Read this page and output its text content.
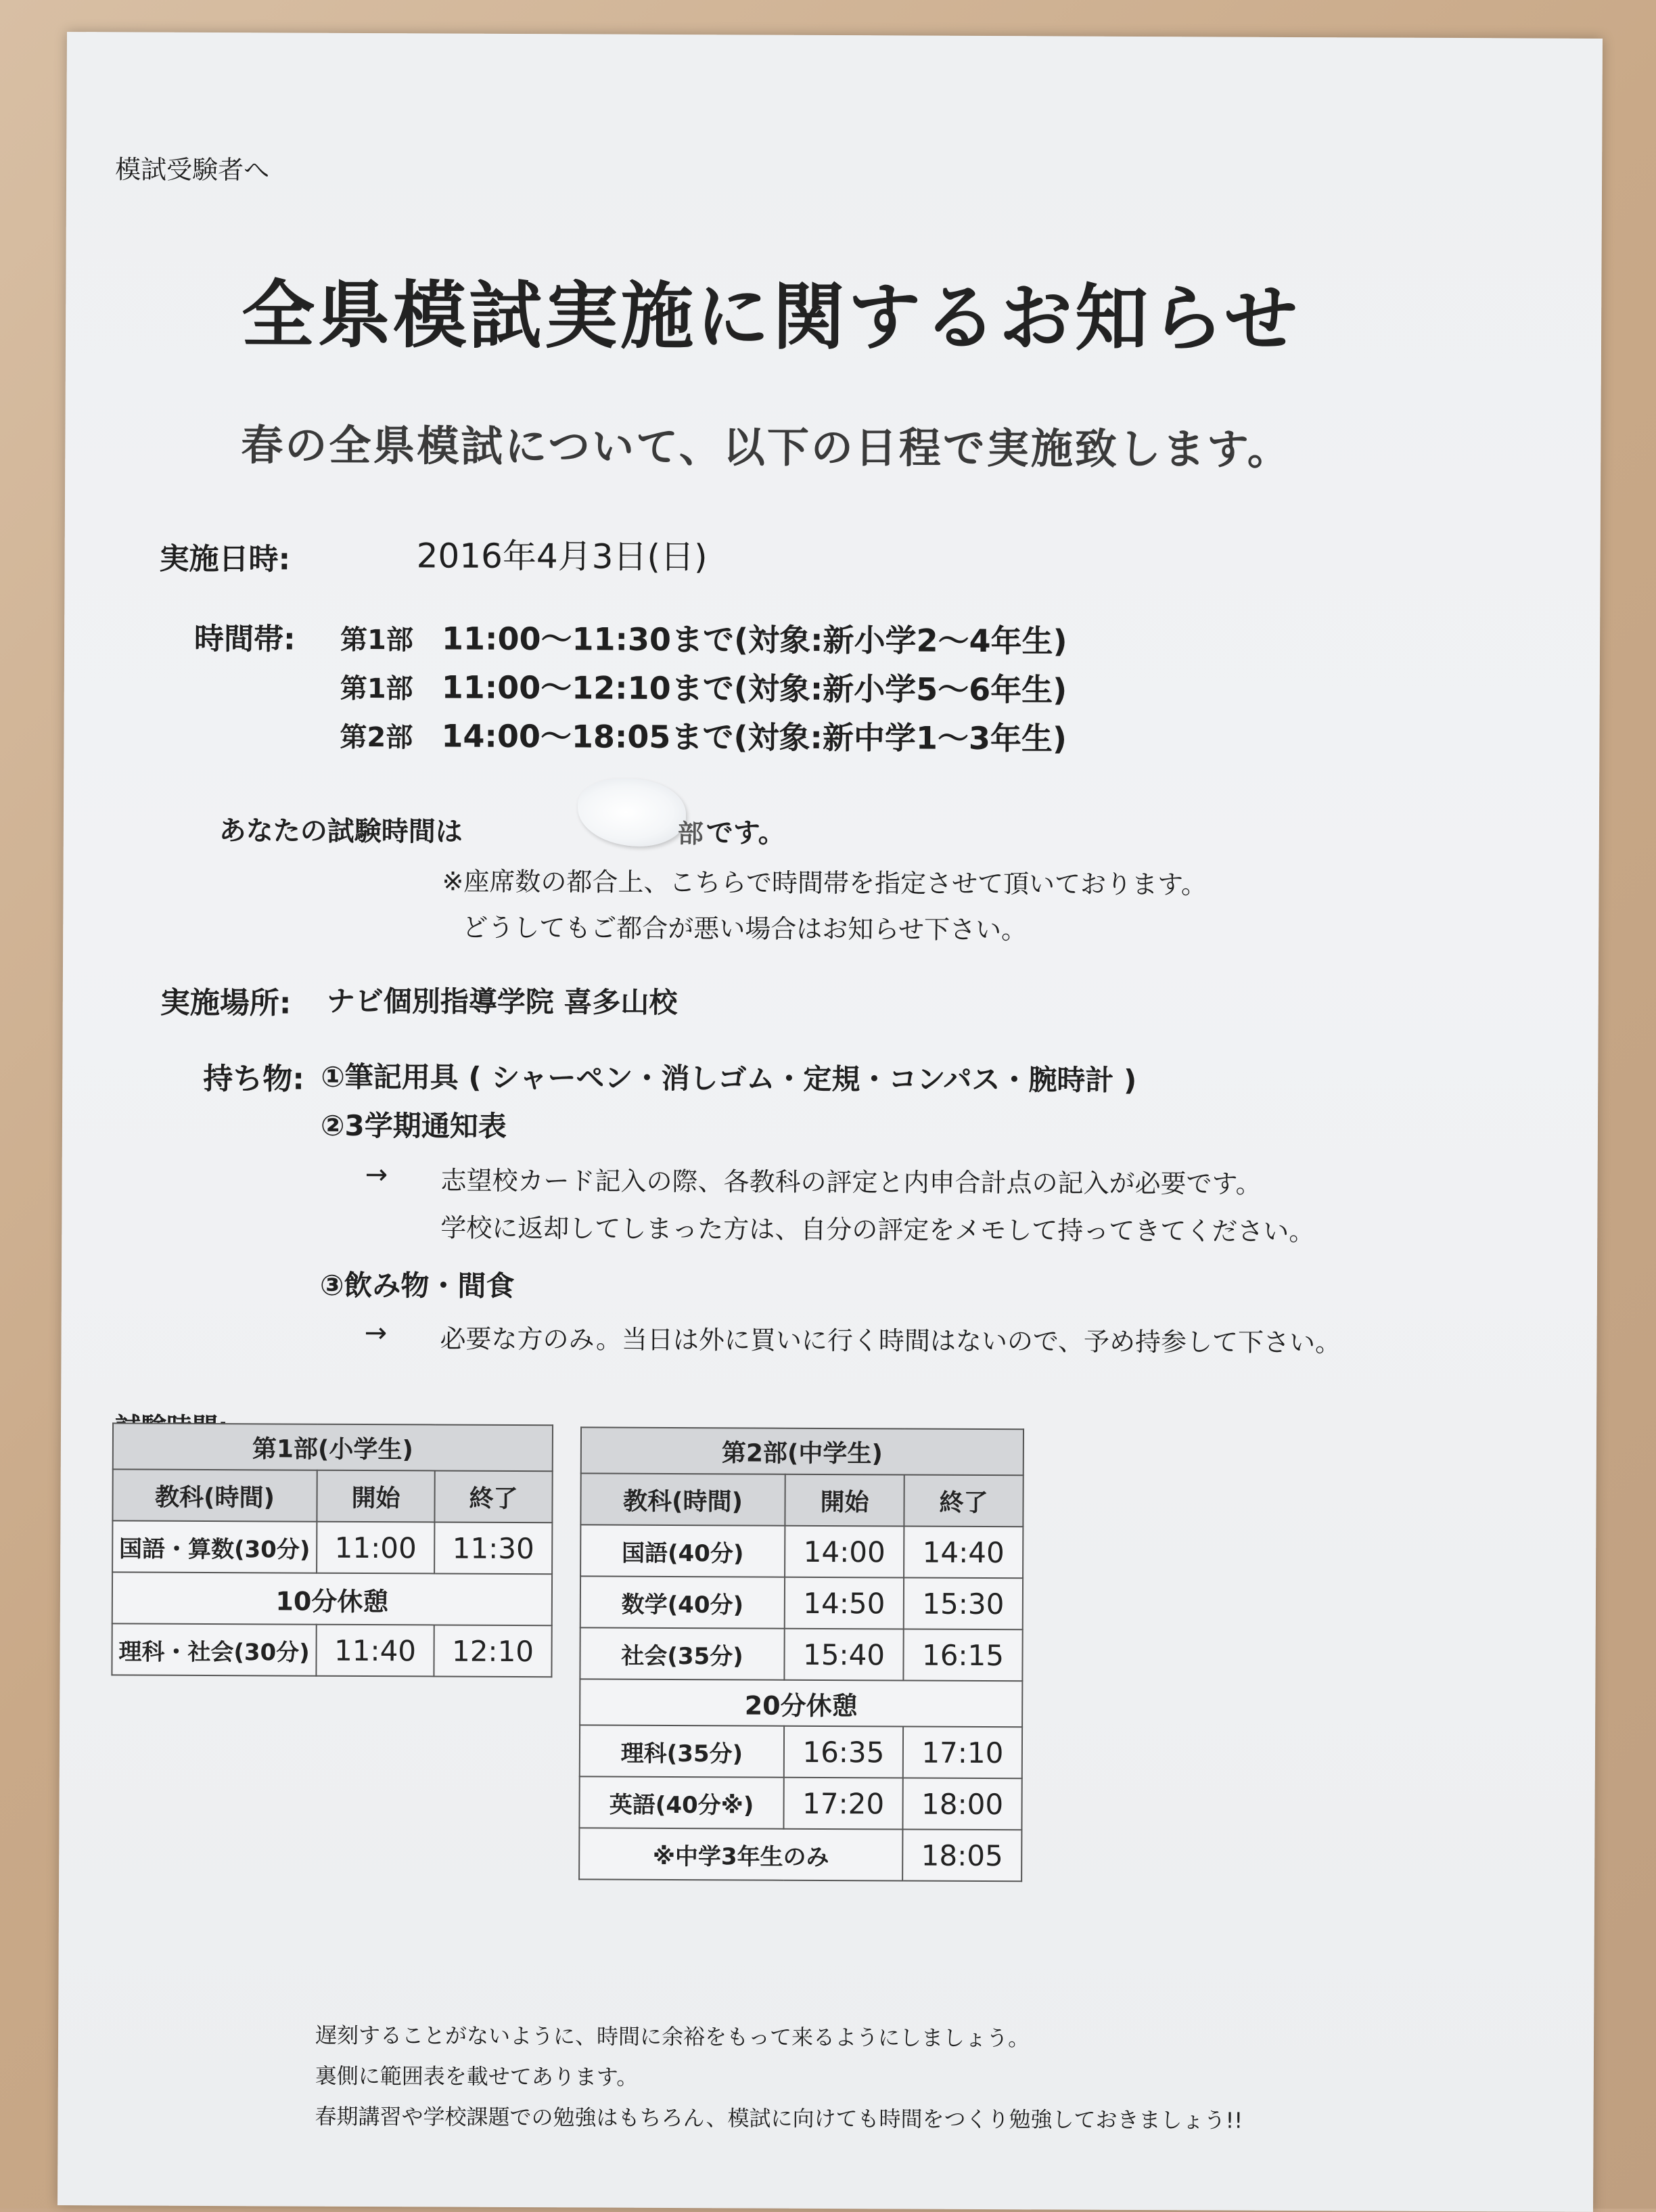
模試受験者へ
全県模試実施に関するお知らせ
春の全県模試について、以下の日程で実施致します。
実施日時:	2016年4月3日(日)
時間帯: 第1部 11:00～11:30まで(対象:新小学2～4年生)
第1部 11:00～12:10まで(対象:新小学5～6年生)
第2部 14:00～18:05まで(対象:新中学1～3年生)
あなたの試験時間は	部 です。
※座席数の都合上、こちらで時間帯を指定させて頂いております。
どうしてもご都合が悪い場合はお知らせ下さい。
実施場所: ナビ個別指導学院 喜多山校
持ち物: ①筆記用具 ( シャーペン・消しゴム・定規・コンパス・腕時計 )
②3学期通知表
→ 志望校カード記入の際、各教科の評定と内申合計点の記入が必要です。
学校に返却してしまった方は、自分の評定をメモして持ってきてください。
③飲み物・間食
→ 必要な方のみ。当日は外に買いに行く時間はないので、予め持参して下さい。
第1部(小学生)		
教科(時間)	開始	終了
国語・算数(30分)	11:00	11:30
10分休憩		
理科・社会(30分)	11:40	12:10
第2部(中学生)		
教科(時間)	開始	終了
国語(40分)	14:00	14:40
数学(40分)	14:50	15:30
社会(35分)	15:40	16:15
20分休憩		
理科(35分)	16:35	17:10
英語(40分※)	17:20	18:00
※中学3年生のみ		18:05
遅刻することがないように、時間に余裕をもって来るようにしましょう。
裏側に範囲表を載せてあります。
春期講習や学校課題での勉強はもちろん、模試に向けても時間をつくり勉強しておきましょう!!
